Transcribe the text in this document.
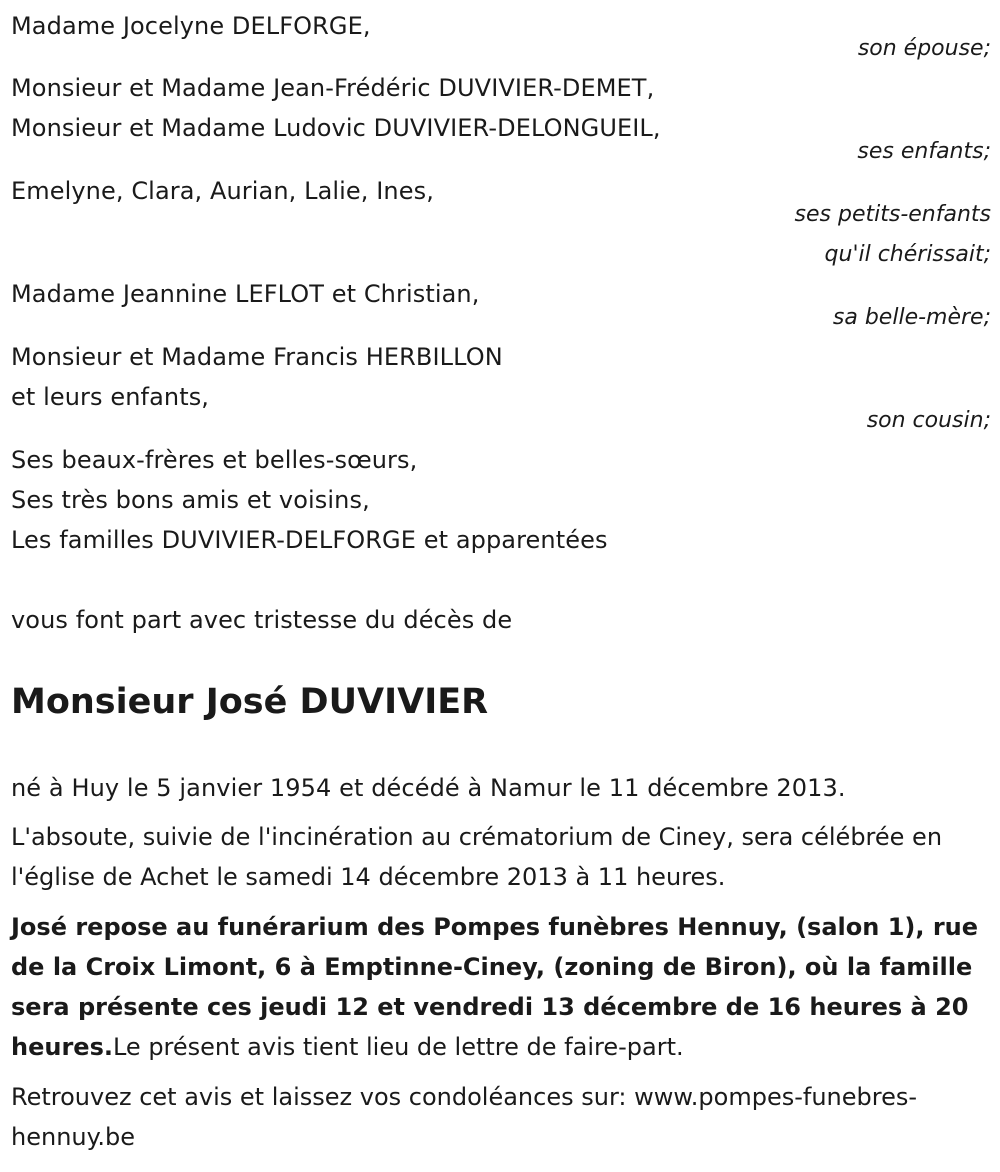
Madame Jocelyne DELFORGE,
son épouse;
Monsieur et Madame Jean-Frédéric DUVIVIER-DEMET,
Monsieur et Madame Ludovic DUVIVIER-DELONGUEIL,
ses enfants;
Emelyne, Clara, Aurian, Lalie, Ines,
ses petits-enfants
qu'il chérissait;
Madame Jeannine LEFLOT et Christian,
sa belle-mère;
Monsieur et Madame Francis HERBILLON
et leurs enfants,
son cousin;
Ses beaux-frères et belles-sœurs,
Ses très bons amis et voisins,
Les familles DUVIVIER-DELFORGE et apparentées
vous font part avec tristesse du décès de
Monsieur José DUVIVIER
né à Huy le 5 janvier 1954 et décédé à Namur le 11 décembre 2013.
L'absoute, suivie de l'incinération au crématorium de Ciney, sera célébrée en l'église de Achet le samedi 14 décembre 2013 à 11 heures.
José repose au funérarium des Pompes funèbres Hennuy, (salon 1), rue de la Croix Limont, 6 à Emptinne-Ciney, (zoning de Biron), où la famille sera présente ces jeudi 12 et vendredi 13 décembre de 16 heures à 20 heures.Le présent avis tient lieu de lettre de faire-part.
Retrouvez cet avis et laissez vos condoléances sur: www.pompes-funebres-hennuy.be
